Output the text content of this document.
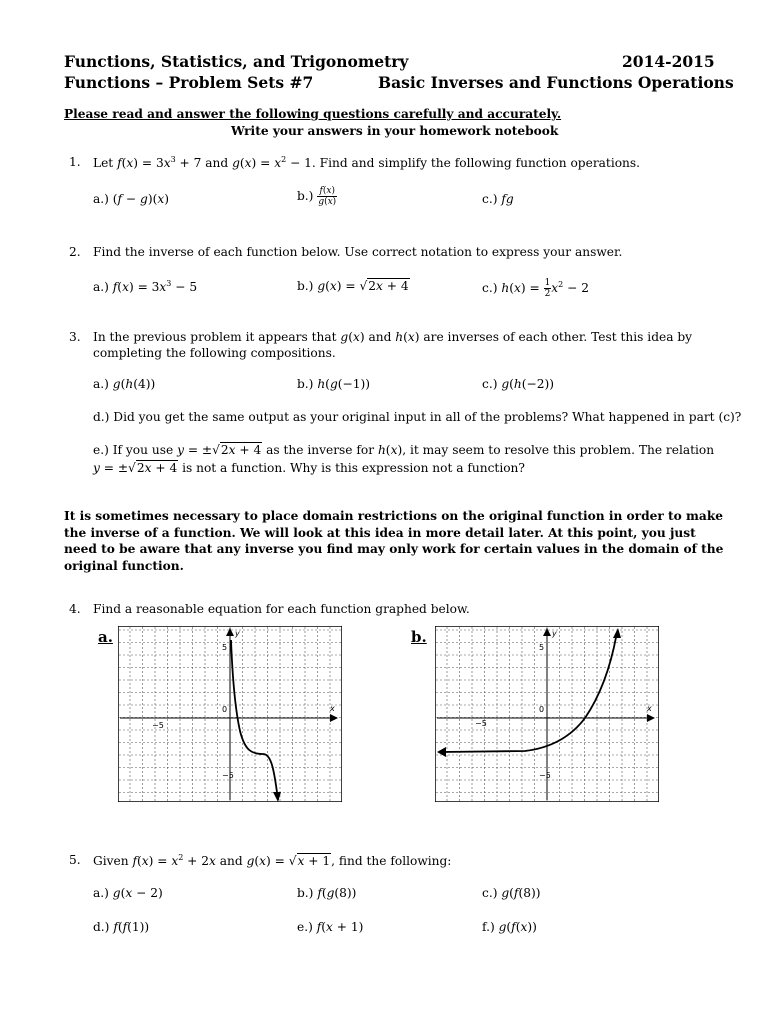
Functions, Statistics, and Trigonometry	2014-2015
Functions – Problem Sets #7	Basic Inverses and Functions Operations
Please read and answer the following questions carefully and accurately.
Write your answers in your homework notebook
1. Let $f(x) = 3x^3 + 7$ and $g(x) = x^2 - 1$. Find and simplify the following function operations.
a.) (f − g)(x)	$b.) \frac{f(x)}{g(x)}$	c.) fg
2. Find the inverse of each function below. Use correct notation to express your answer.
a.) $f(x) = 3x^3 - 5$	b.) g(x) = √2x + 4	c.) $h(x) = \frac{1}{2} x^2 - 2$
3. In the previous problem it appears that g(x) and h(x) are inverses of each other. Test this idea by
completing the following compositions.
a.) g(h(4))	b.) h(g(−1))	c.) g(h(−2))
d.) Did you get the same output as your original input in all of the problems? What happened in part (c)?
e.) If you use y = ±√2x + 4 as the inverse for h(x), it may seem to resolve this problem. The relation
y = ±√2x + 4 is not a function. Why is this expression not a function?
It is sometimes necessary to place domain restrictions on the original function in order to make the inverse of a function. We will look at this idea in more detail later. At this point, you just need to be aware that any inverse you find may only work for certain values in the domain of the original function.
4. Find a reasonable equation for each function graphed below.
a.	b.
x
y
−5
5
0
−5
x
y
−5
5
0
−5
5. Given $f(x) = x^2 + 2x$ and g(x) = √x + 1, find the following:
a.) g(x − 2)	b.) f(g(8))	c.) g(f(8))
d.) f(f(1))	e.) f(x + 1)	f.) g(f(x))
